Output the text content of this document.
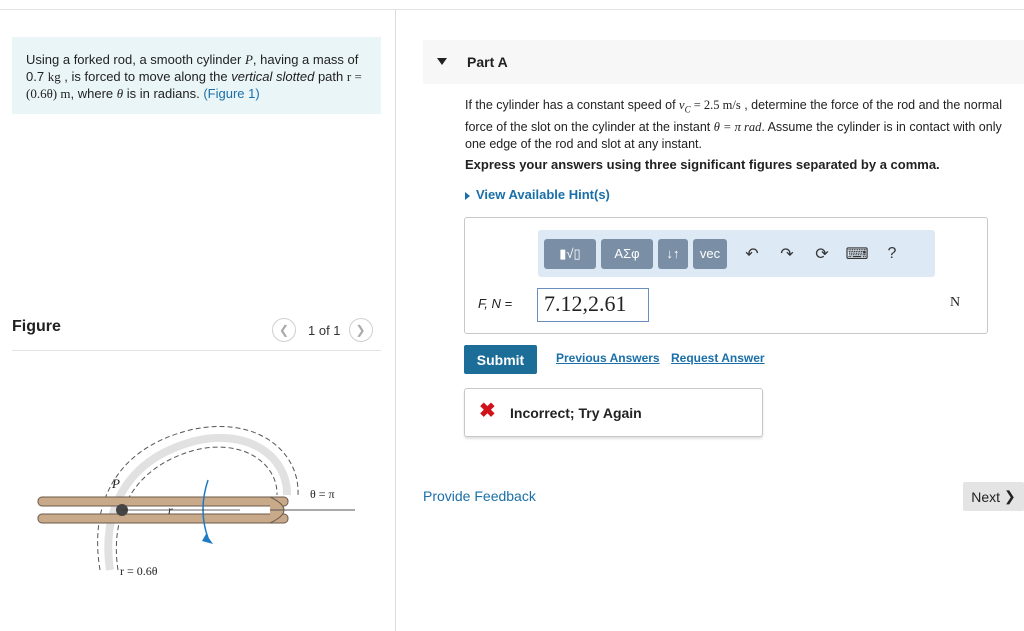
Using a forked rod, a smooth cylinder P, having a mass of 0.7 kg , is forced to move along the vertical slotted path r = (0.6θ) m, where θ is in radians. (Figure 1)
Figure	❮	1 of 1	❯
P
r
θ = π
r = 0.6θ
Part A
If the cylinder has a constant speed of $v_C = 2.5$ m/s , determine the force of the rod and the normal force of the slot on the cylinder at the instant θ = π rad. Assume the cylinder is in contact with only one edge of the rod and slot at any instant.
Express your answers using three significant figures separated by a comma.
View Available Hint(s)
▮√▯	ΑΣφ ↓↑ vec	↶	↷	⟳	⌨ ?
F, N =	7.12,2.61	N
Submit	Previous Answers Request Answer
✖ Incorrect; Try Again
Provide Feedback	Next
❯
